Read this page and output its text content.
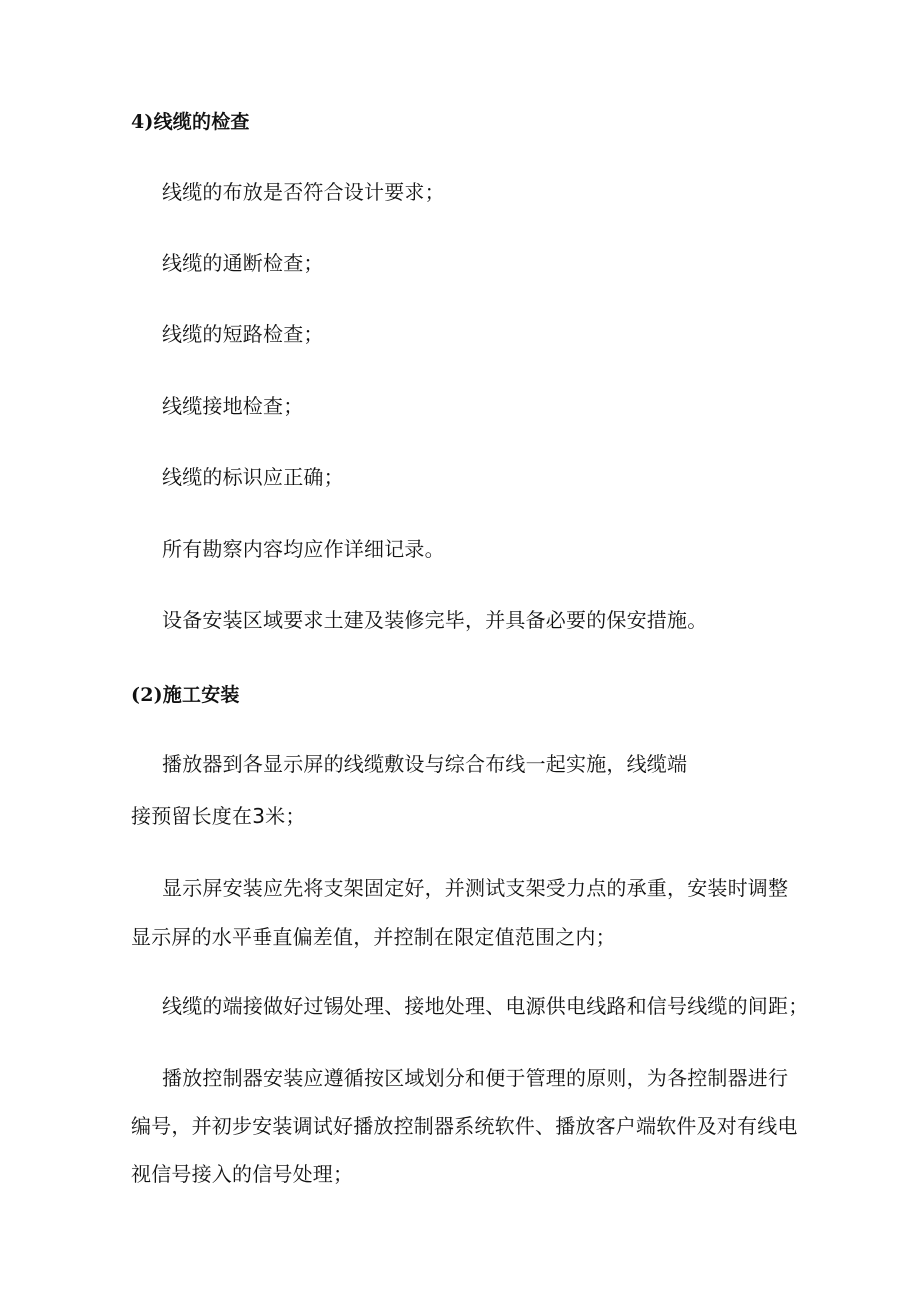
4)线缆的检查
线缆的布放是否符合设计要求；
线缆的通断检查；
线缆的短路检查；
线缆接地检查；
线缆的标识应正确；
所有勘察内容均应作详细记录。
设备安装区域要求土建及装修完毕，并具备必要的保安措施。
(2)施工安装
播放器到各显示屏的线缆敷设与综合布线一起实施，线缆端
接预留长度在3米；
显示屏安装应先将支架固定好，并测试支架受力点的承重，安装时调整
显示屏的水平垂直偏差值，并控制在限定值范围之内；
线缆的端接做好过锡处理、接地处理、电源供电线路和信号线缆的间距；
播放控制器安装应遵循按区域划分和便于管理的原则，为各控制器进行
编号，并初步安装调试好播放控制器系统软件、播放客户端软件及对有线电
视信号接入的信号处理；
